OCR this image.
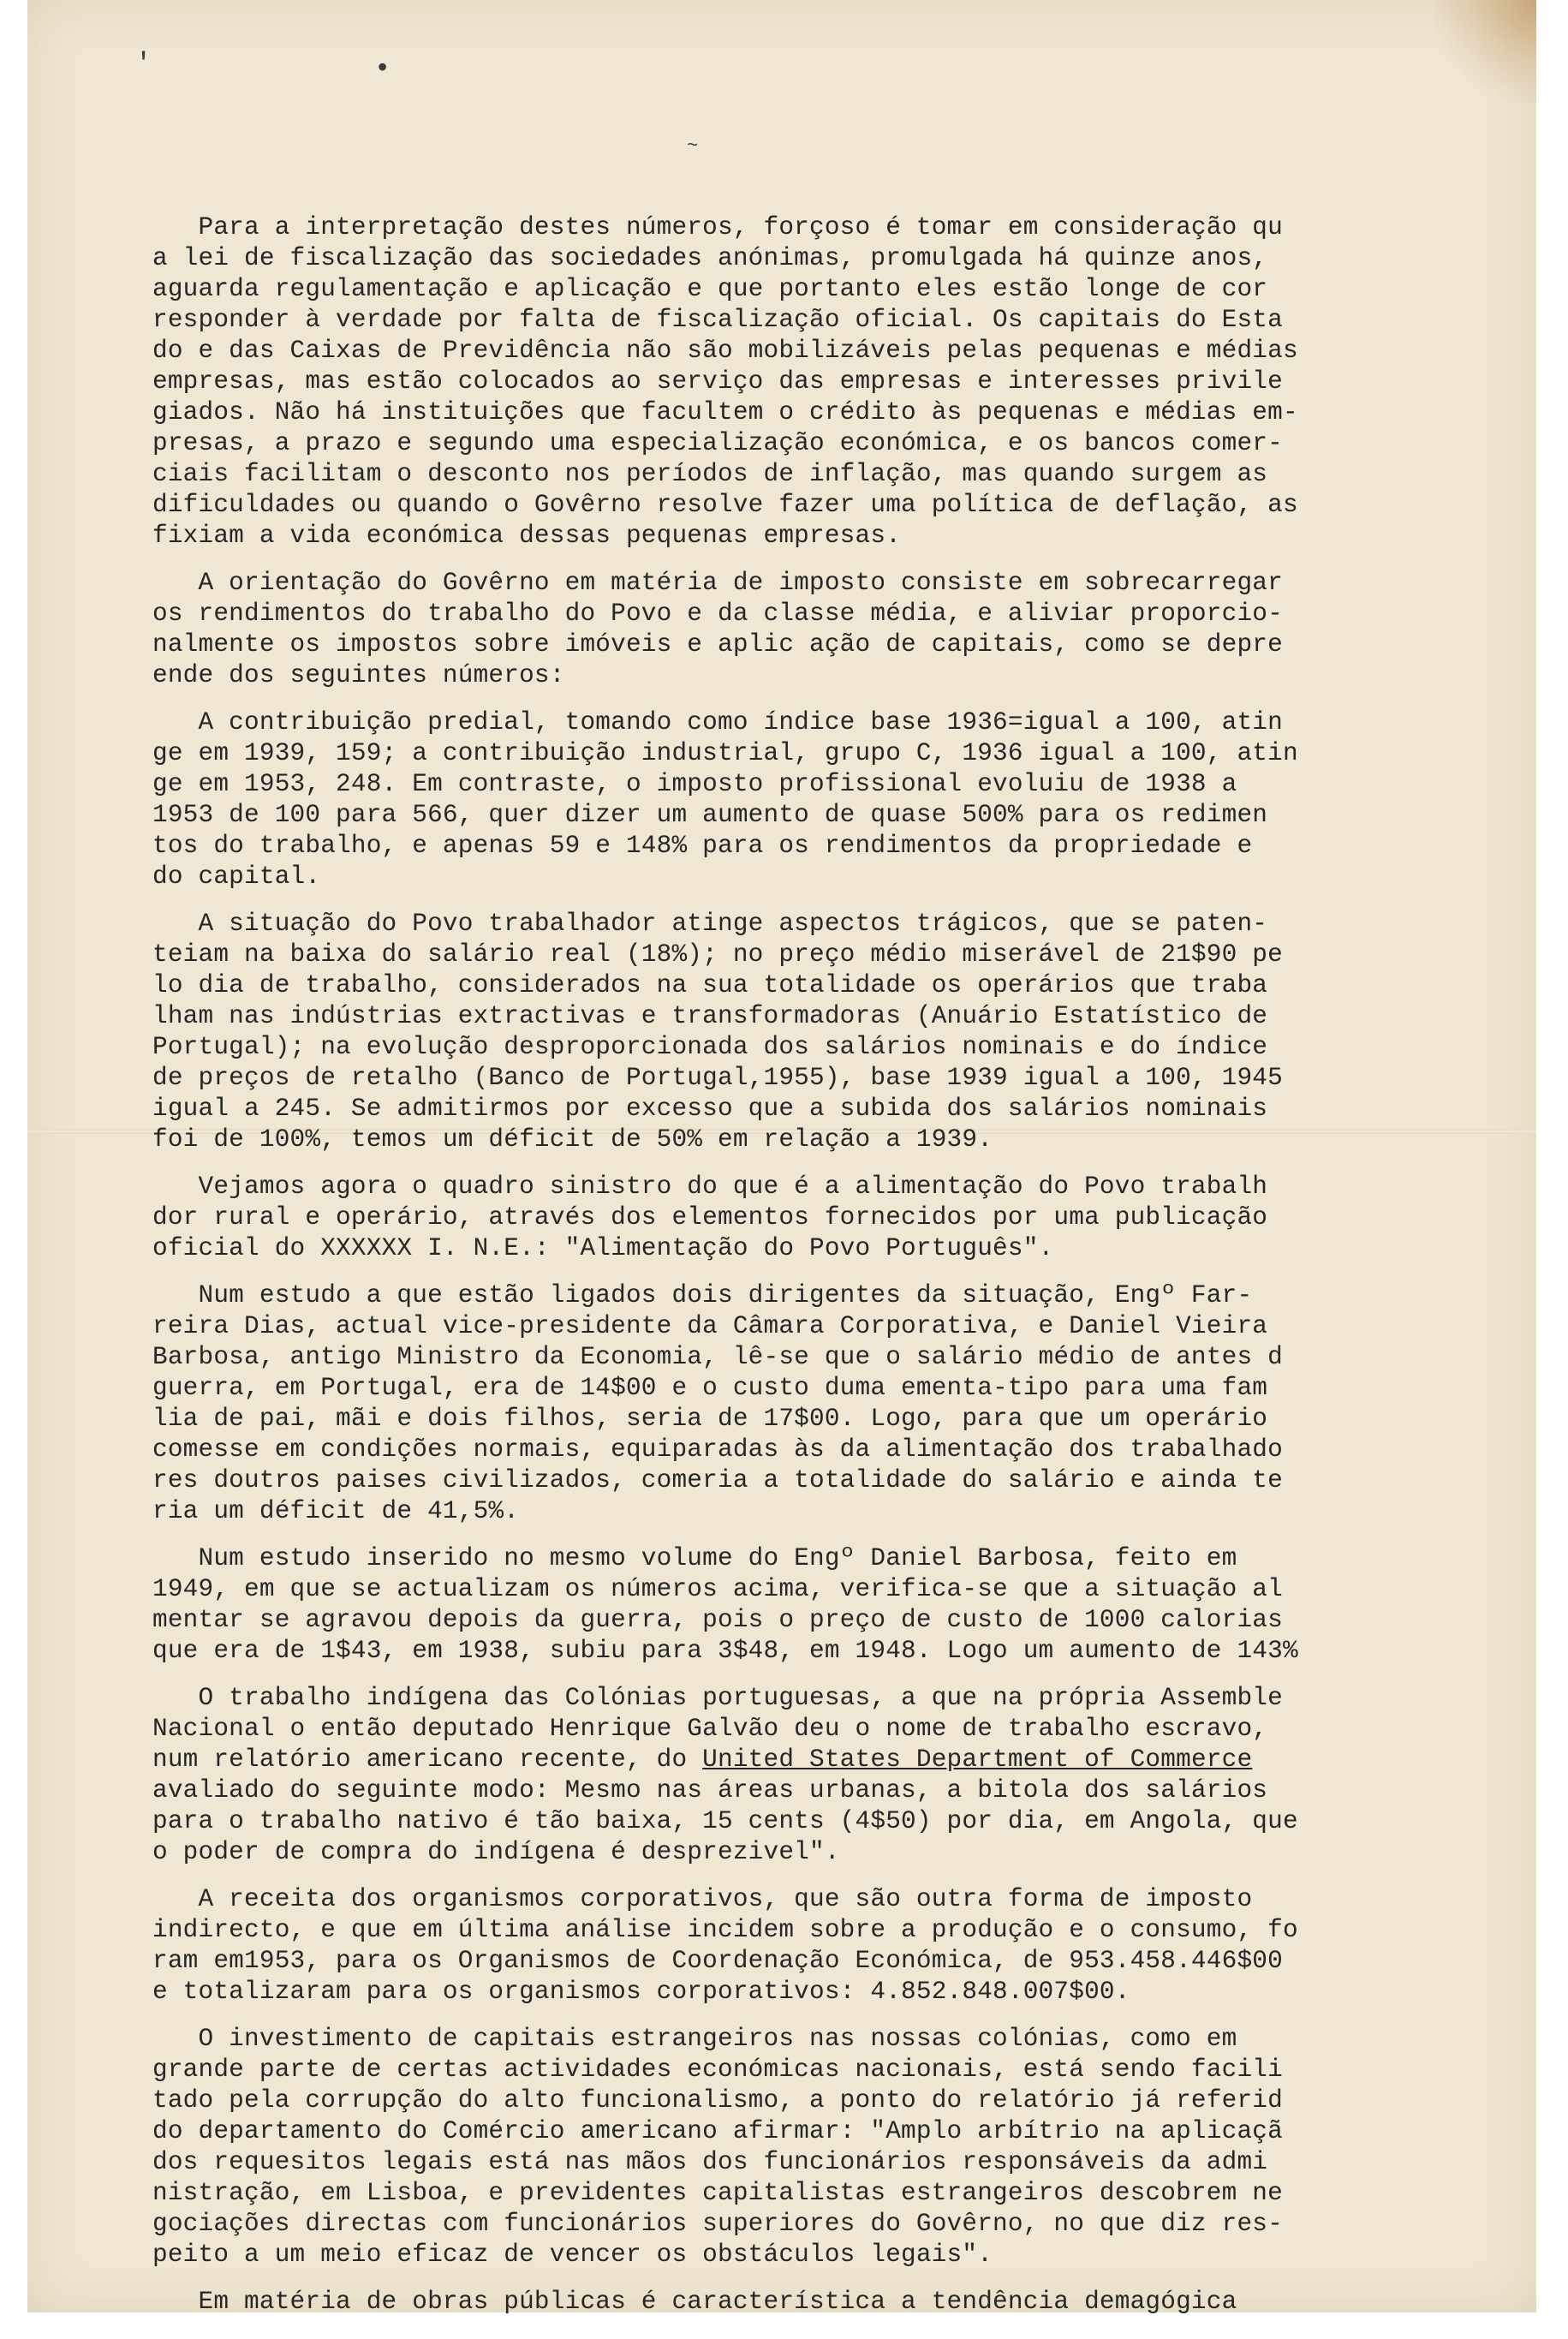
'	•
~
Para a interpretação destes números, forçoso é tomar em consideração qu
a lei de fiscalização das sociedades anónimas, promulgada há quinze anos,
aguarda regulamentação e aplicação e que portanto eles estão longe de cor
responder à verdade por falta de fiscalização oficial. Os capitais do Esta
do e das Caixas de Previdência não são mobilizáveis pelas pequenas e médias
empresas, mas estão colocados ao serviço das empresas e interesses privile
giados. Não há instituições que facultem o crédito às pequenas e médias em-
presas, a prazo e segundo uma especialização económica, e os bancos comer-
ciais facilitam o desconto nos períodos de inflação, mas quando surgem as
dificuldades ou quando o Govêrno resolve fazer uma política de deflação, as
fixiam a vida económica dessas pequenas empresas.
A orientação do Govêrno em matéria de imposto consiste em sobrecarregar
os rendimentos do trabalho do Povo e da classe média, e aliviar proporcio-
nalmente os impostos sobre imóveis e aplic ação de capitais, como se depre
ende dos seguintes números:
A contribuição predial, tomando como índice base 1936=igual a 100, atin
ge em 1939, 159; a contribuição industrial, grupo C, 1936 igual a 100, atin
ge em 1953, 248. Em contraste, o imposto profissional evoluiu de 1938 a
1953 de 100 para 566, quer dizer um aumento de quase 500% para os redimen
tos do trabalho, e apenas 59 e 148% para os rendimentos da propriedade e
do capital.
A situação do Povo trabalhador atinge aspectos trágicos, que se paten-
teiam na baixa do salário real (18%); no preço médio miserável de 21$90 pe
lo dia de trabalho, considerados na sua totalidade os operários que traba
lham nas indústrias extractivas e transformadoras (Anuário Estatístico de
Portugal); na evolução desproporcionada dos salários nominais e do índice
de preços de retalho (Banco de Portugal,1955), base 1939 igual a 100, 1945
igual a 245. Se admitirmos por excesso que a subida dos salários nominais
foi de 100%, temos um déficit de 50% em relação a 1939.
Vejamos agora o quadro sinistro do que é a alimentação do Povo trabalh
dor rural e operário, através dos elementos fornecidos por uma publicação
oficial do XXXXXX I. N.E.: "Alimentação do Povo Português".
Num estudo a que estão ligados dois dirigentes da situação, Engº Far-
reira Dias, actual vice-presidente da Câmara Corporativa, e Daniel Vieira
Barbosa, antigo Ministro da Economia, lê-se que o salário médio de antes d
guerra, em Portugal, era de 14$00 e o custo duma ementa-tipo para uma fam
lia de pai, mãi e dois filhos, seria de 17$00. Logo, para que um operário
comesse em condições normais, equiparadas às da alimentação dos trabalhado
res doutros paises civilizados, comeria a totalidade do salário e ainda te
ria um déficit de 41,5%.
Num estudo inserido no mesmo volume do Engº Daniel Barbosa, feito em
1949, em que se actualizam os números acima, verifica-se que a situação al
mentar se agravou depois da guerra, pois o preço de custo de 1000 calorias
que era de 1$43, em 1938, subiu para 3$48, em 1948. Logo um aumento de 143%
O trabalho indígena das Colónias portuguesas, a que na própria Assemble
Nacional o então deputado Henrique Galvão deu o nome de trabalho escravo,
num relatório americano recente, do United States Department of Commerce
avaliado do seguinte modo: Mesmo nas áreas urbanas, a bitola dos salários
para o trabalho nativo é tão baixa, 15 cents (4$50) por dia, em Angola, que
o poder de compra do indígena é desprezivel".
A receita dos organismos corporativos, que são outra forma de imposto
indirecto, e que em última análise incidem sobre a produção e o consumo, fo
ram em1953, para os Organismos de Coordenação Económica, de 953.458.446$00
e totalizaram para os organismos corporativos: 4.852.848.007$00.
O investimento de capitais estrangeiros nas nossas colónias, como em
grande parte de certas actividades económicas nacionais, está sendo facili
tado pela corrupção do alto funcionalismo, a ponto do relatório já referid
do departamento do Comércio americano afirmar: "Amplo arbítrio na aplicaçã
dos requesitos legais está nas mãos dos funcionários responsáveis da admi
nistração, em Lisboa, e previdentes capitalistas estrangeiros descobrem ne
gociações directas com funcionários superiores do Govêrno, no que diz res-
peito a um meio eficaz de vencer os obstáculos legais".
Em matéria de obras públicas é característica a tendência demagógica
